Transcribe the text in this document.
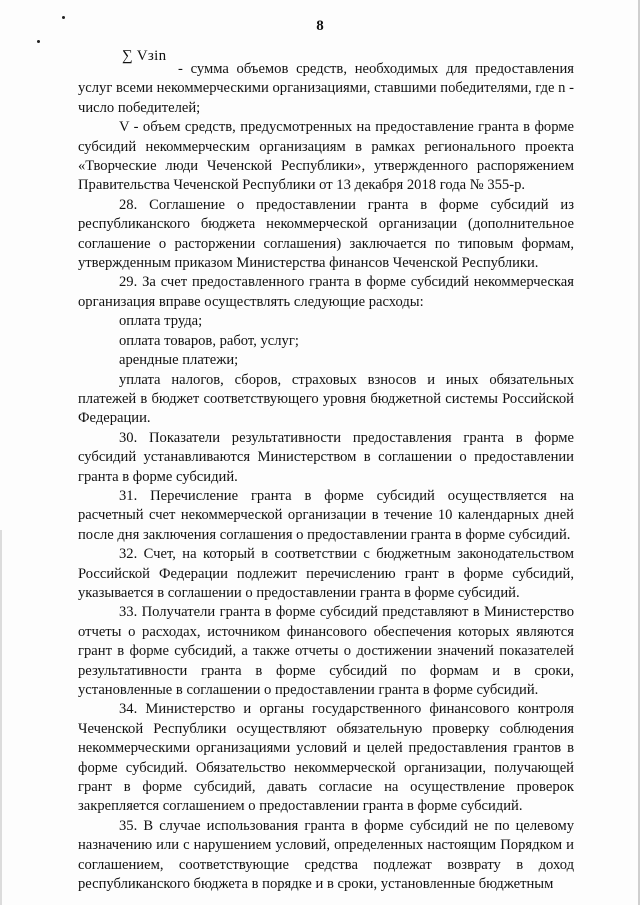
8
∑ Vзin

- сумма объемов средств, необходимых для предоставления услуг всеми некоммерческими организациями, ставшими победителями, где n - число победителей;

V - объем средств, предусмотренных на предоставление гранта в форме субсидий некоммерческим организациям в рамках регионального проекта «Творческие люди Чеченской Республики», утвержденного распоряжением Правительства Чеченской Республики от 13 декабря 2018 года № 355-р.

28. Соглашение о предоставлении гранта в форме субсидий из республиканского бюджета некоммерческой организации (дополнительное соглашение о расторжении соглашения) заключается по типовым формам, утвержденным приказом Министерства финансов Чеченской Республики.

29. За счет предоставленного гранта в форме субсидий некоммерческая организация вправе осуществлять следующие расходы:

оплата труда;

оплата товаров, работ, услуг;

арендные платежи;

уплата налогов, сборов, страховых взносов и иных обязательных платежей в бюджет соответствующего уровня бюджетной системы Российской Федерации.

30. Показатели результативности предоставления гранта в форме субсидий устанавливаются Министерством в соглашении о предоставлении гранта в форме субсидий.

31. Перечисление гранта в форме субсидий осуществляется на расчетный счет некоммерческой организации в течение 10 календарных дней после дня заключения соглашения о предоставлении гранта в форме субсидий.

32. Счет, на который в соответствии с бюджетным законодательством Российской Федерации подлежит перечислению грант в форме субсидий, указывается в соглашении о предоставлении гранта в форме субсидий.

33. Получатели гранта в форме субсидий представляют в Министерство отчеты о расходах, источником финансового обеспечения которых являются грант в форме субсидий, а также отчеты о достижении значений показателей результативности гранта в форме субсидий по формам и в сроки, установленные в соглашении о предоставлении гранта в форме субсидий.

34. Министерство и органы государственного финансового контроля Чеченской Республики осуществляют обязательную проверку соблюдения некоммерческими организациями условий и целей предоставления грантов в форме субсидий. Обязательство некоммерческой организации, получающей грант в форме субсидий, давать согласие на осуществление проверок закрепляется соглашением о предоставлении гранта в форме субсидий.

35. В случае использования гранта в форме субсидий не по целевому назначению или с нарушением условий, определенных настоящим Порядком и соглашением, соответствующие средства подлежат возврату в доход республиканского бюджета в порядке и в сроки, установленные бюджетным
